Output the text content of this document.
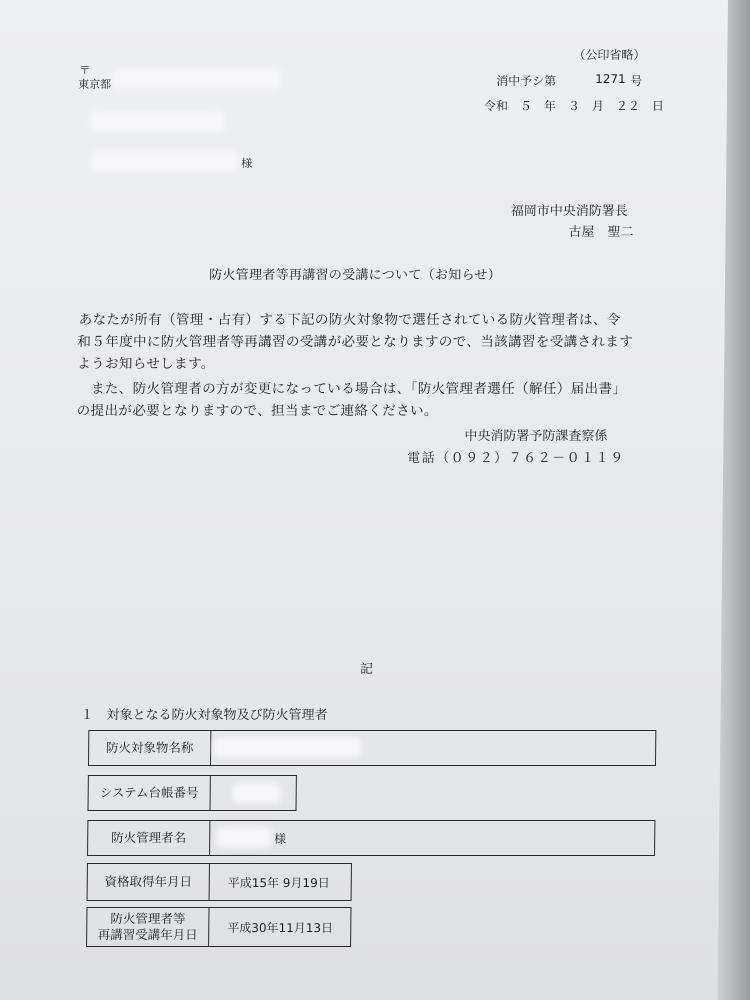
〒
東京都
様
（公印省略）
消中予シ第	1271 号
令和　５　年　３　月　２２　日
福岡市中央消防署長
古屋　聖二
防火管理者等再講習の受講について（お知らせ）
あなたが所有（管理・占有）する下記の防火対象物で選任されている防火管理者は、令
和５年度中に防火管理者等再講習の受講が必要となりますので、当該講習を受講されます
ようお知らせします。
また、防火管理者の方が変更になっている場合は、「防火管理者選任（解任）届出書」
の提出が必要となりますので、担当までご連絡ください。
中央消防署予防課査察係
電話（０９２）７６２－０１１９
記
１　対象となる防火対象物及び防火管理者
防火対象物名称
システム台帳番号
防火管理者名	様
資格取得年月日	平成15年 9月19日
防火管理者等
再講習受講年月日 平成30年11月13日
